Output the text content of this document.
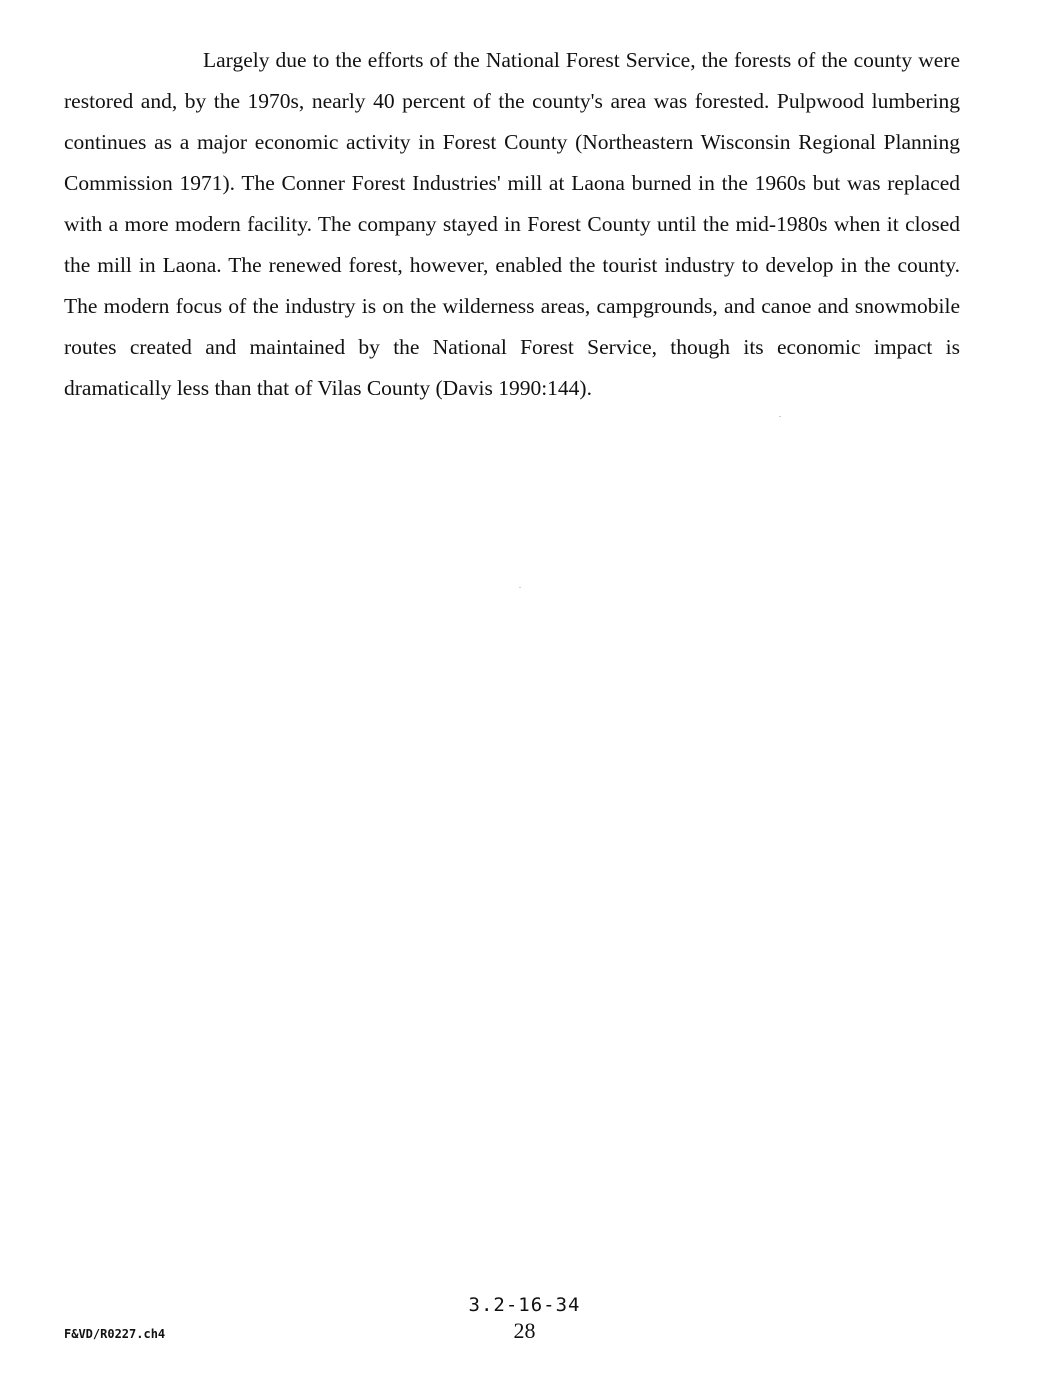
Largely due to the efforts of the National Forest Service, the forests of the county were restored and, by the 1970s, nearly 40 percent of the county's area was forested. Pulpwood lumbering continues as a major economic activity in Forest County (Northeastern Wisconsin Regional Planning Commission 1971). The Conner Forest Industries' mill at Laona burned in the 1960s but was replaced with a more modern facility. The company stayed in Forest County until the mid-1980s when it closed the mill in Laona. The renewed forest, however, enabled the tourist industry to develop in the county. The modern focus of the industry is on the wilderness areas, campgrounds, and canoe and snowmobile routes created and maintained by the National Forest Service, though its economic impact is dramatically less than that of Vilas County (Davis 1990:144).

3.2-16-34
28
F&VD/R0227.ch4
